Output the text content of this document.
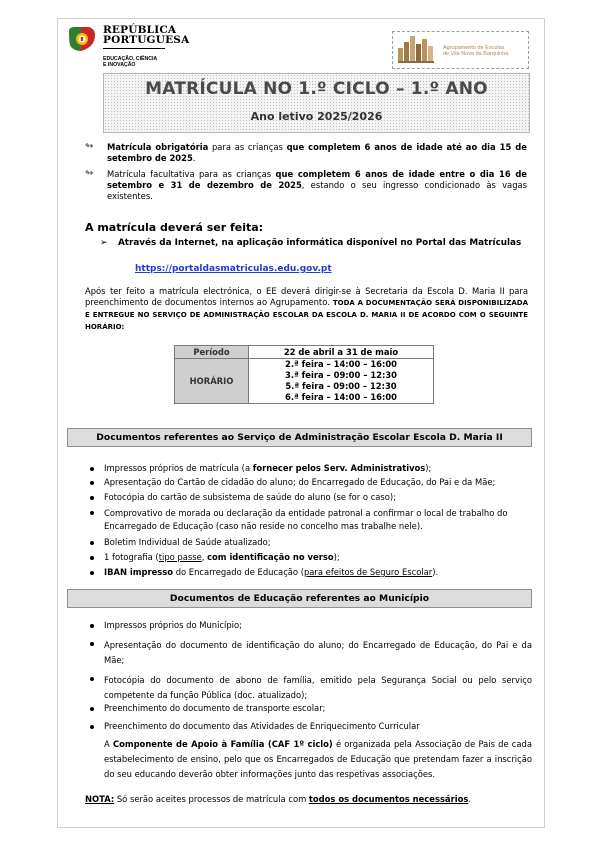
REPÚBLICA
PORTUGUESA
EDUCAÇÃO, CIÊNCIA
E INOVAÇÃO
Agrupamento de Escolas
de Vila Nova da Barquinha
MATRÍCULA NO 1.º CICLO – 1.º ANO
Ano letivo 2025/2026
↬ Matrícula obrigatória para as crianças que completem 6 anos de idade até ao dia 15 de setembro de 2025.
↬ Matrícula facultativa para as crianças que completem 6 anos de idade entre o dia 16 de setembro e 31 de dezembro de 2025, estando o seu ingresso condicionado às vagas existentes.
A matrícula deverá ser feita:
➢ Através da Internet, na aplicação informática disponível no Portal das Matrículas
https://portaldasmatriculas.edu.gov.pt
Após ter feito a matrícula electrónica, o EE deverá dirigir-se à Secretaria da Escola D. Maria II para preenchimento de documentos internos ao Agrupamento. TODA A DOCUMENTAÇÃO SERÁ DISPONIBILIZADA E ENTREGUE NO SERVIÇO DE ADMINISTRAÇÃO ESCOLAR DA ESCOLA D. MARIA II DE ACORDO COM O SEGUINTE HORÁRIO:
Período	22 de abril a 31 de maio
HORÁRIO	2.ª feira – 14:00 – 16:00
3.ª feira – 09:00 – 12:30
5.ª feira - 09:00 – 12:30
6.ª feira – 14:00 – 16:00
Documentos referentes ao Serviço de Administração Escolar Escola D. Maria II
Impressos próprios de matrícula (a fornecer pelos Serv. Administrativos);
Apresentação do Cartão de cidadão do aluno; do Encarregado de Educação, do Pai e da Mãe;
Fotocópia do cartão de subsistema de saúde do aluno (se for o caso);
Comprovativo de morada ou declaração da entidade patronal a confirmar o local de trabalho do Encarregado de Educação (caso não reside no concelho mas trabalhe nele).
Boletim Individual de Saúde atualizado;
1 fotografia (tipo passe, com identificação no verso);
IBAN impresso do Encarregado de Educação (para efeitos de Seguro Escolar).
Documentos de Educação referentes ao Município
Impressos próprios do Município;
Apresentação do documento de identificação do aluno; do Encarregado de Educação, do Pai e da Mãe;
Fotocópia do documento de abono de família, emitido pela Segurança Social ou pelo serviço competente da função Pública (doc. atualizado);
Preenchimento do documento de transporte escolar;
Preenchimento do documento das Atividades de Enriquecimento Curricular
A Componente de Apoio à Família (CAF 1º ciclo) é organizada pela Associação de Pais de cada estabelecimento de ensino, pelo que os Encarregados de Educação que pretendam fazer a inscrição do seu educando deverão obter informações junto das respetivas associações.
NOTA: Só serão aceites processos de matrícula com todos os documentos necessários.
